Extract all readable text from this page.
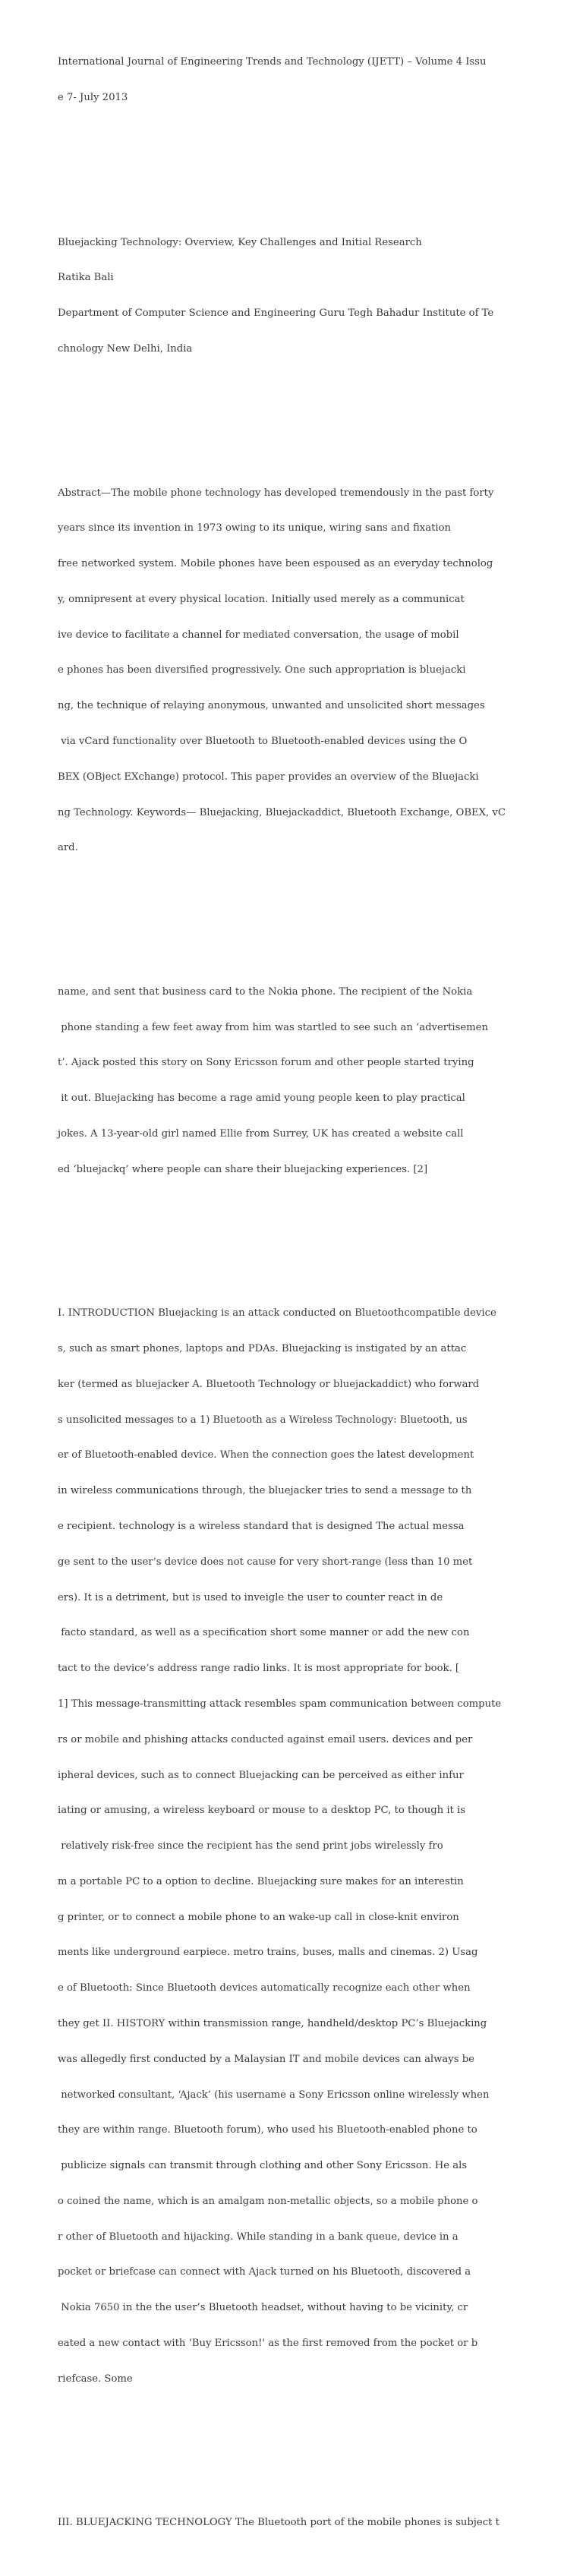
International Journal of Engineering Trends and Technology (IJETT) – Volume 4 Issu

e 7- July 2013

Bluejacking Technology: Overview, Key Challenges and Initial Research

Ratika Bali

Department of Computer Science and Engineering Guru Tegh Bahadur Institute of Te

chnology New Delhi, India

Abstract—The mobile phone technology has developed tremendously in the past forty

years since its invention in 1973 owing to its unique, wiring sans and fixation

free networked system. Mobile phones have been espoused as an everyday technolog

y, omnipresent at every physical location. Initially used merely as a communicat

ive device to facilitate a channel for mediated conversation, the usage of mobil

e phones has been diversified progressively. One such appropriation is bluejacki

ng, the technique of relaying anonymous, unwanted and unsolicited short messages

via vCard functionality over Bluetooth to Bluetooth-enabled devices using the O

BEX (OBject EXchange) protocol. This paper provides an overview of the Bluejacki

ng Technology. Keywords— Bluejacking, Bluejackaddict, Bluetooth Exchange, OBEX, vC

ard.

name, and sent that business card to the Nokia phone. The recipient of the Nokia

phone standing a few feet away from him was startled to see such an ‘advertisemen

t’. Ajack posted this story on Sony Ericsson forum and other people started trying

it out. Bluejacking has become a rage amid young people keen to play practical

jokes. A 13-year-old girl named Ellie from Surrey, UK has created a website call

ed ‘bluejackq’ where people can share their bluejacking experiences. [2]

I. INTRODUCTION Bluejacking is an attack conducted on Bluetoothcompatible device

s, such as smart phones, laptops and PDAs. Bluejacking is instigated by an attac

ker (termed as bluejacker A. Bluetooth Technology or bluejackaddict) who forward

s unsolicited messages to a 1) Bluetooth as a Wireless Technology: Bluetooth, us

er of Bluetooth-enabled device. When the connection goes the latest development

in wireless communications through, the bluejacker tries to send a message to th

e recipient. technology is a wireless standard that is designed The actual messa

ge sent to the user’s device does not cause for very short-range (less than 10 met

ers). It is a detriment, but is used to inveigle the user to counter react in de

facto standard, as well as a specification short some manner or add the new con

tact to the device’s address range radio links. It is most appropriate for book. [

1] This message-transmitting attack resembles spam communication between compute

rs or mobile and phishing attacks conducted against email users. devices and per

ipheral devices, such as to connect Bluejacking can be perceived as either infur

iating or amusing, a wireless keyboard or mouse to a desktop PC, to though it is

relatively risk-free since the recipient has the send print jobs wirelessly fro

m a portable PC to a option to decline. Bluejacking sure makes for an interestin

g printer, or to connect a mobile phone to an wake-up call in close-knit environ

ments like underground earpiece. metro trains, buses, malls and cinemas. 2) Usag

e of Bluetooth: Since Bluetooth devices automatically recognize each other when

they get II. HISTORY within transmission range, handheld/desktop PC’s Bluejacking

was allegedly first conducted by a Malaysian IT and mobile devices can always be

networked consultant, ‘Ajack’ (his username a Sony Ericsson online wirelessly when

they are within range. Bluetooth forum), who used his Bluetooth-enabled phone to

publicize signals can transmit through clothing and other Sony Ericsson. He als

o coined the name, which is an amalgam non-metallic objects, so a mobile phone o

r other of Bluetooth and hijacking. While standing in a bank queue, device in a

pocket or briefcase can connect with Ajack turned on his Bluetooth, discovered a

Nokia 7650 in the the user’s Bluetooth headset, without having to be vicinity, cr

eated a new contact with ‘Buy Ericsson!' as the first removed from the pocket or b

riefcase. Some

III. BLUEJACKING TECHNOLOGY The Bluetooth port of the mobile phones is subject t
